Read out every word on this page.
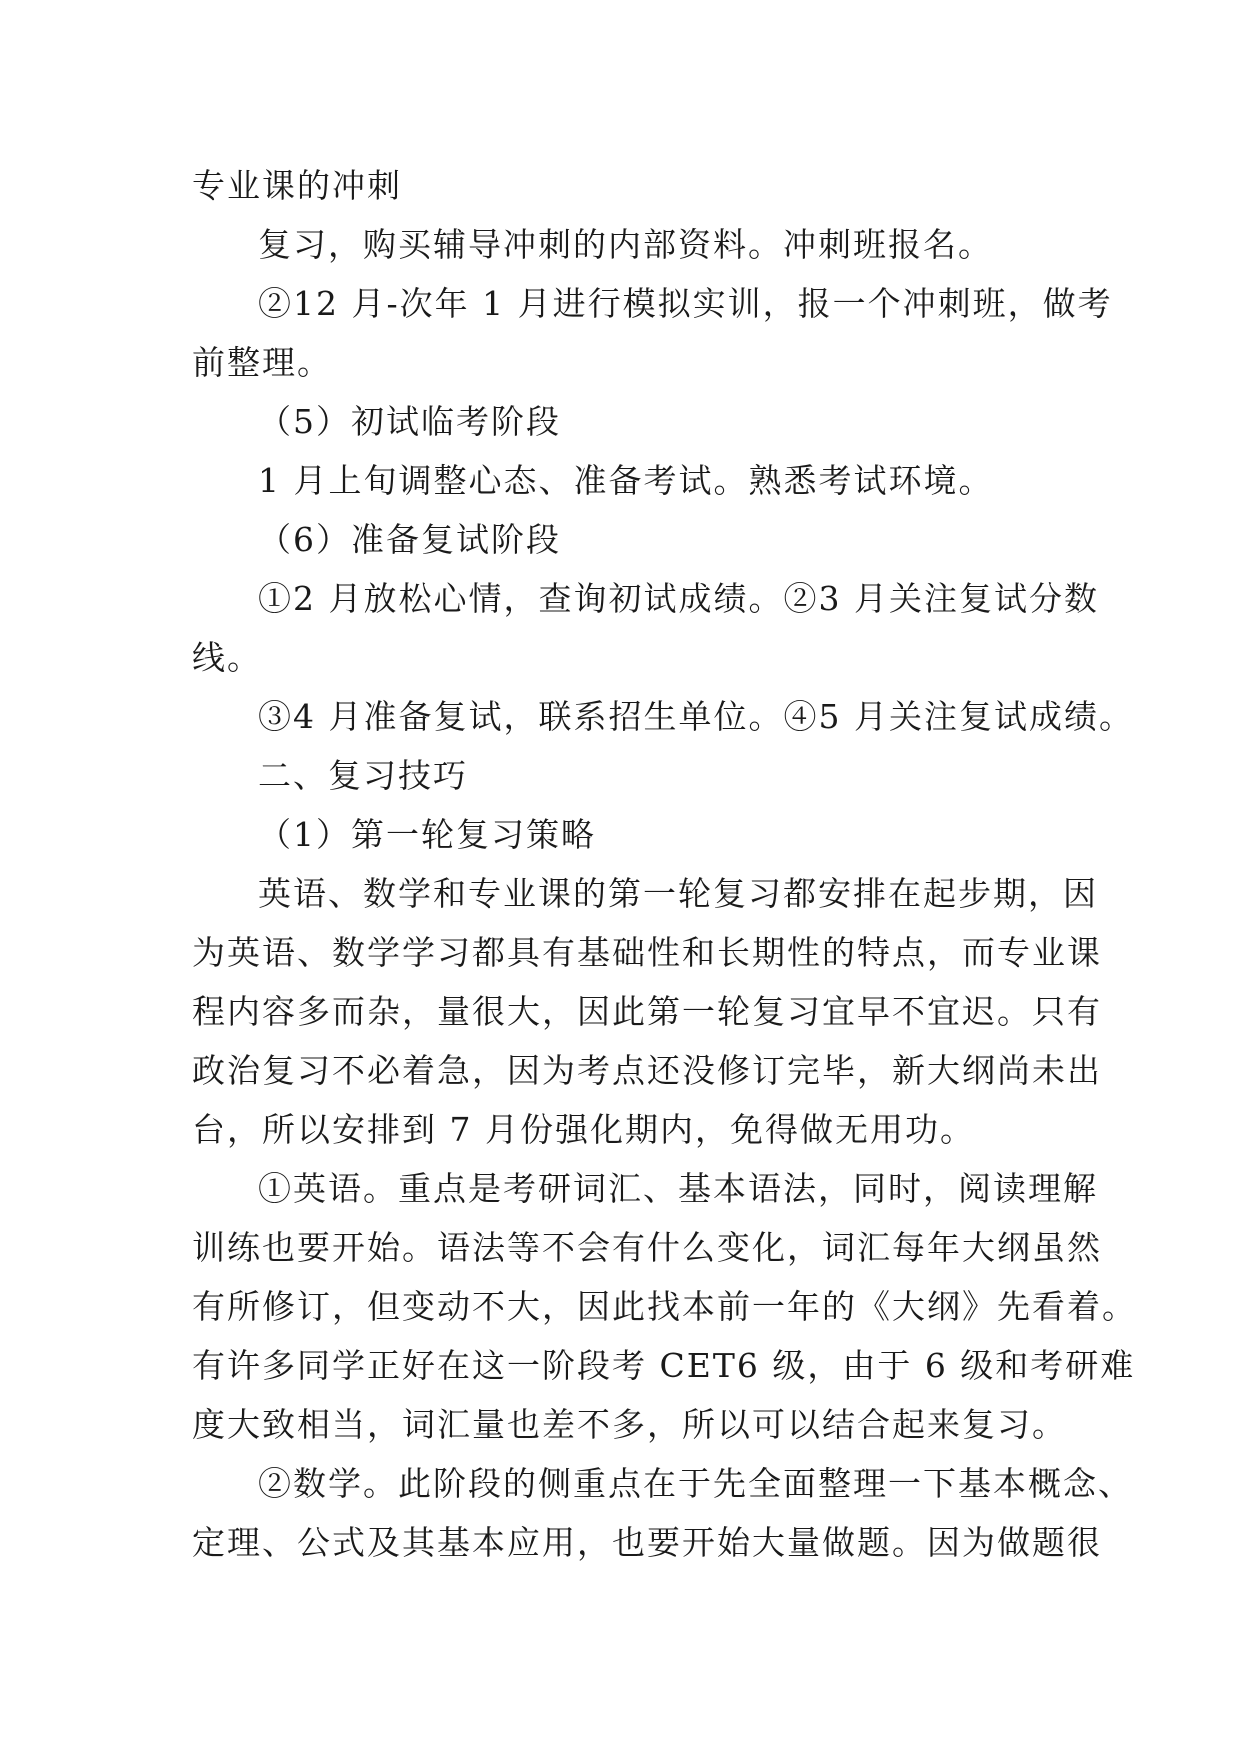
专业课的冲刺
复习，购买辅导冲刺的内部资料。冲刺班报名。
②12 月-次年 1 月进行模拟实训，报一个冲刺班，做考
前整理。
（5）初试临考阶段
1 月上旬调整心态、准备考试。熟悉考试环境。
（6）准备复试阶段
①2 月放松心情，查询初试成绩。②3 月关注复试分数
线。
③4 月准备复试，联系招生单位。④5 月关注复试成绩。
二、复习技巧
（1）第一轮复习策略
英语、数学和专业课的第一轮复习都安排在起步期，因
为英语、数学学习都具有基础性和长期性的特点，而专业课
程内容多而杂，量很大，因此第一轮复习宜早不宜迟。只有
政治复习不必着急，因为考点还没修订完毕，新大纲尚未出
台，所以安排到 7 月份强化期内，免得做无用功。
①英语。重点是考研词汇、基本语法，同时，阅读理解
训练也要开始。语法等不会有什么变化，词汇每年大纲虽然
有所修订，但变动不大，因此找本前一年的《大纲》先看着。
有许多同学正好在这一阶段考 CET6 级，由于 6 级和考研难
度大致相当，词汇量也差不多，所以可以结合起来复习。
②数学。此阶段的侧重点在于先全面整理一下基本概念、
定理、公式及其基本应用，也要开始大量做题。因为做题很
